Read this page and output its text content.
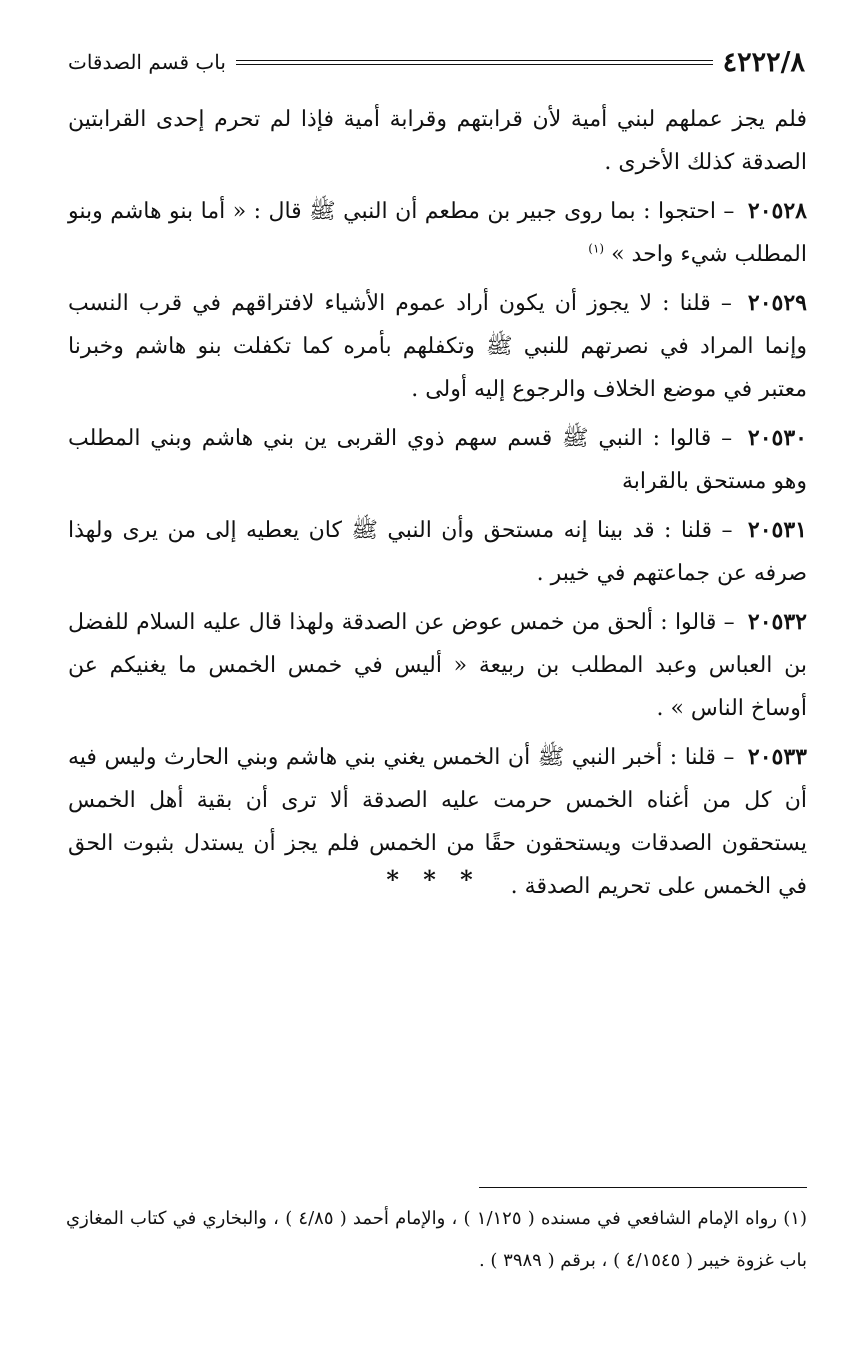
٤٢٢٢/٨
باب قسم الصدقات

فلم يجز عملهم لبني أمية لأن قرابتهم وقرابة أمية فإذا لم تحرم إحدى القرابتين الصدقة كذلك الأخرى .

٢٠٥٢٨ – احتجوا : بما روى جبير بن مطعم أن النبي ﷺ قال : « أما بنو هاشم وبنو المطلب شيء واحد » $^{(١)}$

٢٠٥٢٩ – قلنا : لا يجوز أن يكون أراد عموم الأشياء لافتراقهم في قرب النسب وإنما المراد في نصرتهم للنبي ﷺ وتكفلهم بأمره كما تكفلت بنو هاشم وخبرنا معتبر في موضع الخلاف والرجوع إليه أولى .

٢٠٥٣٠ – قالوا : النبي ﷺ قسم سهم ذوي القربى ين بني هاشم وبني المطلب وهو مستحق بالقرابة

٢٠٥٣١ – قلنا : قد بينا إنه مستحق وأن النبي ﷺ كان يعطيه إلى من يرى ولهذا صرفه عن جماعتهم في خيبر .

٢٠٥٣٢ – قالوا : ألحق من خمس عوض عن الصدقة ولهذا قال عليه السلام للفضل بن العباس وعبد المطلب بن ربيعة « أليس في خمس الخمس ما يغنيكم عن أوساخ الناس » .

٢٠٥٣٣ – قلنا : أخبر النبي ﷺ أن الخمس يغني بني هاشم وبني الحارث وليس فيه أن كل من أغناه الخمس حرمت عليه الصدقة ألا ترى أن بقية أهل الخمس يستحقون الصدقات ويستحقون حقًا من الخمس فلم يجز أن يستدل بثبوت الحق في الخمس على تحريم الصدقة .

* * *

(١) رواه الإمام الشافعي في مسنده ( ١/١٢٥ ) ، والإمام أحمد ( ٤/٨٥ ) ، والبخاري في كتاب المغازي باب غزوة خيبر ( ٤/١٥٤٥ ) ، برقم ( ٣٩٨٩ ) .
